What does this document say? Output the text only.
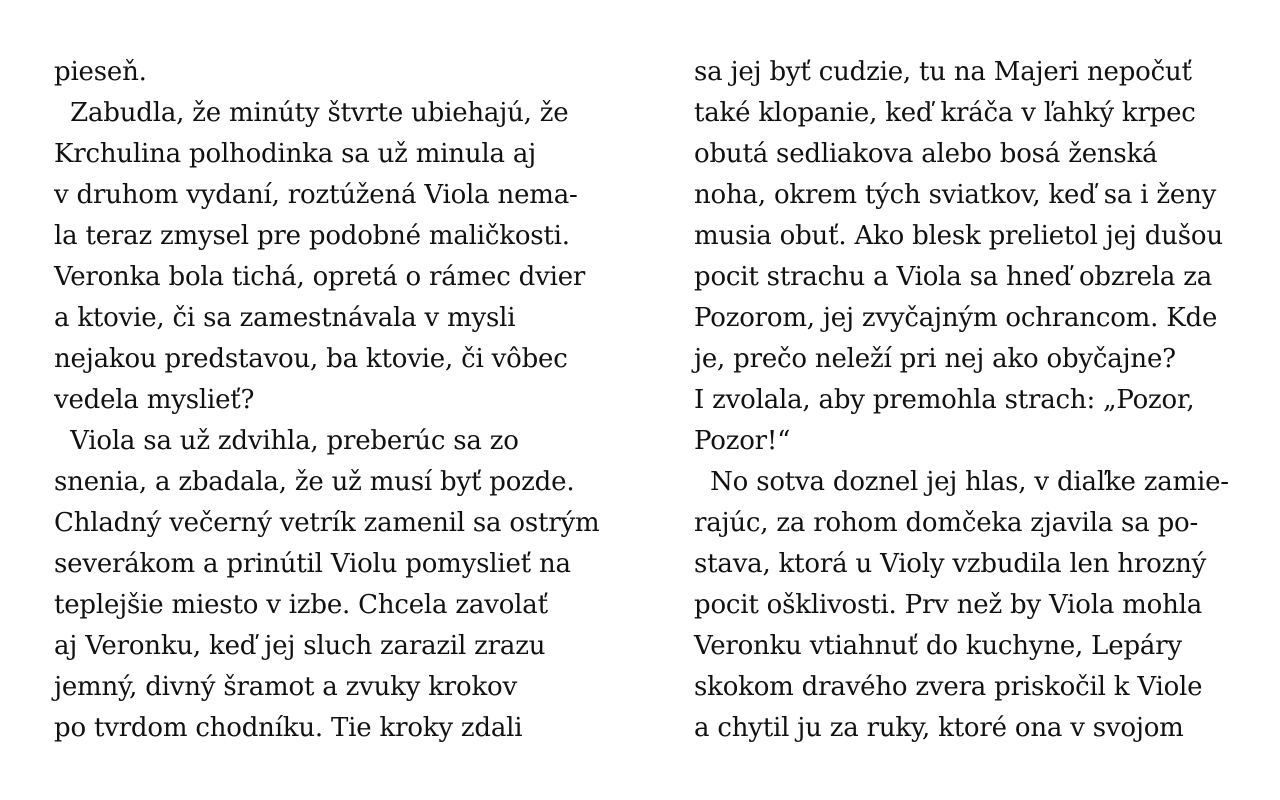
pieseň.
Zabudla, že minúty štvrte ubiehajú, že
Krchulina polhodinka sa už minula aj
v druhom vydaní, roztúžená Viola nema-
la teraz zmysel pre podobné maličkosti.
Veronka bola tichá, opretá o rámec dvier
a ktovie, či sa zamestnávala v mysli
nejakou predstavou, ba ktovie, či vôbec
vedela myslieť?
Viola sa už zdvihla, preberúc sa zo
snenia, a zbadala, že už musí byť pozde.
Chladný večerný vetrík zamenil sa ostrým
severákom a prinútil Violu pomyslieť na
teplejšie miesto v izbe. Chcela zavolať
aj Veronku, keď jej sluch zarazil zrazu
jemný, divný šramot a zvuky krokov
po tvrdom chodníku. Tie kroky zdali
sa jej byť cudzie, tu na Majeri nepočuť
také klopanie, keď kráča v ľahký krpec
obutá sedliakova alebo bosá ženská
noha, okrem tých sviatkov, keď sa i ženy
musia obuť. Ako blesk prelietol jej dušou
pocit strachu a Viola sa hneď obzrela za
Pozorom, jej zvyčajným ochrancom. Kde
je, prečo neleží pri nej ako obyčajne?
I zvolala, aby premohla strach: „Pozor,
Pozor!“
No sotva doznel jej hlas, v diaľke zamie-
rajúc, za rohom domčeka zjavila sa po-
stava, ktorá u Violy vzbudila len hrozný
pocit ošklivosti. Prv než by Viola mohla
Veronku vtiahnuť do kuchyne, Lepáry
skokom dravého zvera priskočil k Viole
a chytil ju za ruky, ktoré ona v svojom
